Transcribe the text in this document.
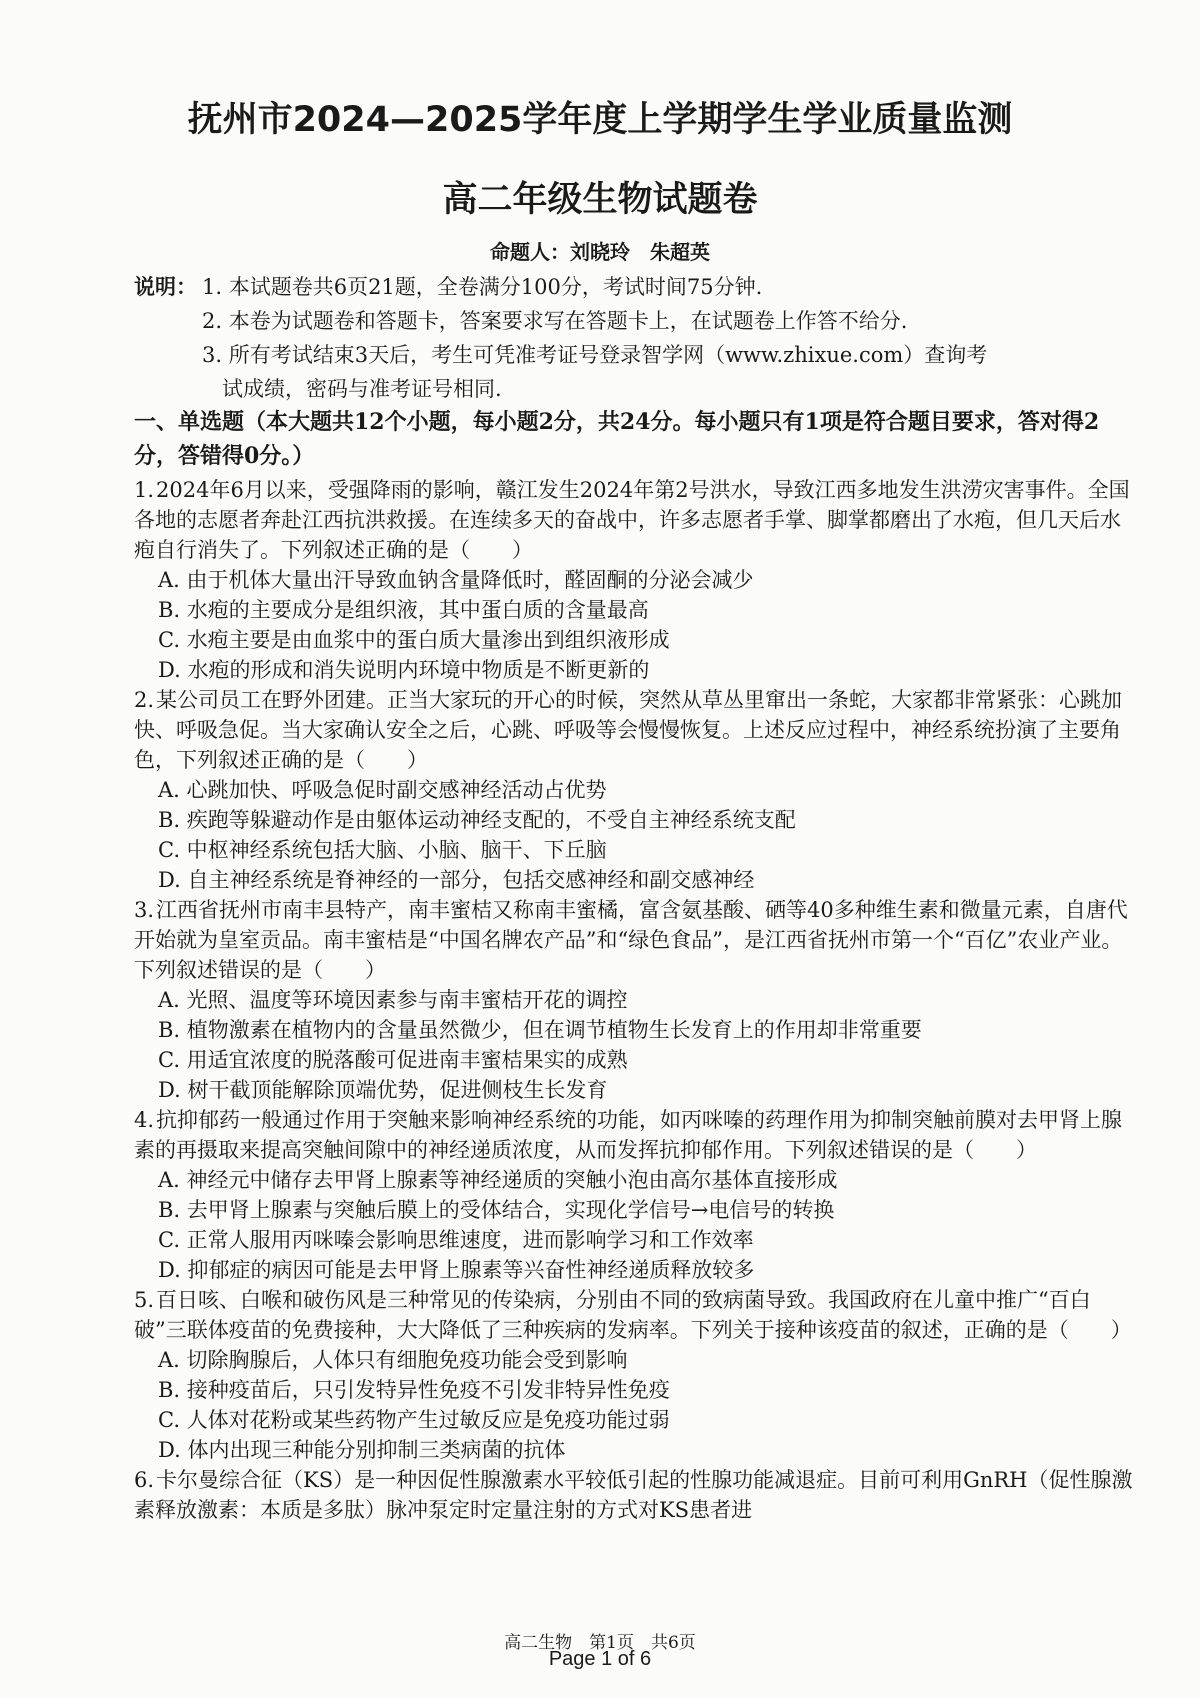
抚州市2024—2025学年度上学期学生学业质量监测
高二年级生物试题卷
命题人：刘晓玲　朱超英
说明： 1. 本试题卷共6页21题，全卷满分100分，考试时间75分钟.
2. 本卷为试题卷和答题卡，答案要求写在答题卡上，在试题卷上作答不给分.
3. 所有考试结束3天后，考生可凭准考证号登录智学网（www.zhixue.com）查询考
试成绩，密码与准考证号相同.
一、单选题（本大题共12个小题，每小题2分，共24分。每小题只有1项是符合题目要求，答对得2分，答错得0分。）
1.2024年6月以来，受强降雨的影响，赣江发生2024年第2号洪水，导致江西多地发生洪涝灾害事件。全国各地的志愿者奔赴江西抗洪救援。在连续多天的奋战中，许多志愿者手掌、脚掌都磨出了水疱，但几天后水疱自行消失了。下列叙述正确的是（　　）
A. 由于机体大量出汗导致血钠含量降低时，醛固酮的分泌会减少
B. 水疱的主要成分是组织液，其中蛋白质的含量最高
C. 水疱主要是由血浆中的蛋白质大量渗出到组织液形成
D. 水疱的形成和消失说明内环境中物质是不断更新的
2.某公司员工在野外团建。正当大家玩的开心的时候，突然从草丛里窜出一条蛇，大家都非常紧张：心跳加快、呼吸急促。当大家确认安全之后，心跳、呼吸等会慢慢恢复。上述反应过程中，神经系统扮演了主要角色，下列叙述正确的是（　　）
A. 心跳加快、呼吸急促时副交感神经活动占优势
B. 疾跑等躲避动作是由躯体运动神经支配的，不受自主神经系统支配
C. 中枢神经系统包括大脑、小脑、脑干、下丘脑
D. 自主神经系统是脊神经的一部分，包括交感神经和副交感神经
3.江西省抚州市南丰县特产，南丰蜜桔又称南丰蜜橘，富含氨基酸、硒等40多种维生素和微量元素，自唐代开始就为皇室贡品。南丰蜜桔是“中国名牌农产品”和“绿色食品”，是江西省抚州市第一个“百亿”农业产业。下列叙述错误的是（　　）
A. 光照、温度等环境因素参与南丰蜜桔开花的调控
B. 植物激素在植物内的含量虽然微少，但在调节植物生长发育上的作用却非常重要
C. 用适宜浓度的脱落酸可促进南丰蜜桔果实的成熟
D. 树干截顶能解除顶端优势，促进侧枝生长发育
4.抗抑郁药一般通过作用于突触来影响神经系统的功能，如丙咪嗪的药理作用为抑制突触前膜对去甲肾上腺素的再摄取来提高突触间隙中的神经递质浓度，从而发挥抗抑郁作用。下列叙述错误的是（　　）
A. 神经元中储存去甲肾上腺素等神经递质的突触小泡由高尔基体直接形成
B. 去甲肾上腺素与突触后膜上的受体结合，实现化学信号→电信号的转换
C. 正常人服用丙咪嗪会影响思维速度，进而影响学习和工作效率
D. 抑郁症的病因可能是去甲肾上腺素等兴奋性神经递质释放较多
5.百日咳、白喉和破伤风是三种常见的传染病，分别由不同的致病菌导致。我国政府在儿童中推广“百白破”三联体疫苗的免费接种，大大降低了三种疾病的发病率。下列关于接种该疫苗的叙述，正确的是（　　）
A. 切除胸腺后，人体只有细胞免疫功能会受到影响
B. 接种疫苗后，只引发特异性免疫不引发非特异性免疫
C. 人体对花粉或某些药物产生过敏反应是免疫功能过弱
D. 体内出现三种能分别抑制三类病菌的抗体
6.卡尔曼综合征（KS）是一种因促性腺激素水平较低引起的性腺功能减退症。目前可利用GnRH（促性腺激素释放激素：本质是多肽）脉冲泵定时定量注射的方式对KS患者进
高二生物　第1页　共6页
Page 1 of 6
